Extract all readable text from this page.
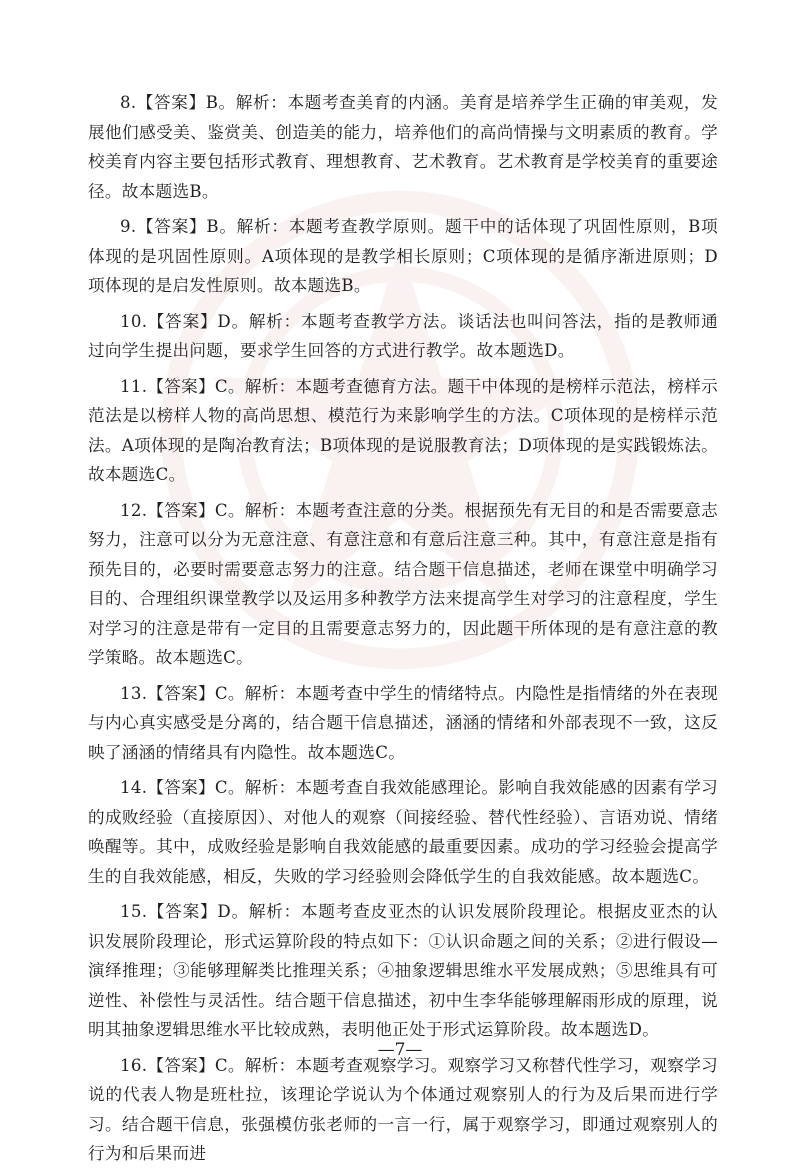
8.【答案】B。解析：本题考查美育的内涵。美育是培养学生正确的审美观，发展他们感受美、鉴赏美、创造美的能力，培养他们的高尚情操与文明素质的教育。学校美育内容主要包括形式教育、理想教育、艺术教育。艺术教育是学校美育的重要途径。故本题选B。

9.【答案】B。解析：本题考查教学原则。题干中的话体现了巩固性原则，B项体现的是巩固性原则。A项体现的是教学相长原则；C项体现的是循序渐进原则；D项体现的是启发性原则。故本题选B。

10.【答案】D。解析：本题考查教学方法。谈话法也叫问答法，指的是教师通过向学生提出问题，要求学生回答的方式进行教学。故本题选D。

11.【答案】C。解析：本题考查德育方法。题干中体现的是榜样示范法，榜样示范法是以榜样人物的高尚思想、模范行为来影响学生的方法。C项体现的是榜样示范法。A项体现的是陶冶教育法；B项体现的是说服教育法；D项体现的是实践锻炼法。故本题选C。

12.【答案】C。解析：本题考查注意的分类。根据预先有无目的和是否需要意志努力，注意可以分为无意注意、有意注意和有意后注意三种。其中，有意注意是指有预先目的，必要时需要意志努力的注意。结合题干信息描述，老师在课堂中明确学习目的、合理组织课堂教学以及运用多种教学方法来提高学生对学习的注意程度，学生对学习的注意是带有一定目的且需要意志努力的，因此题干所体现的是有意注意的教学策略。故本题选C。

13.【答案】C。解析：本题考查中学生的情绪特点。内隐性是指情绪的外在表现与内心真实感受是分离的，结合题干信息描述，涵涵的情绪和外部表现不一致，这反映了涵涵的情绪具有内隐性。故本题选C。

14.【答案】C。解析：本题考查自我效能感理论。影响自我效能感的因素有学习的成败经验（直接原因）、对他人的观察（间接经验、替代性经验）、言语劝说、情绪唤醒等。其中，成败经验是影响自我效能感的最重要因素。成功的学习经验会提高学生的自我效能感，相反，失败的学习经验则会降低学生的自我效能感。故本题选C。

15.【答案】D。解析：本题考查皮亚杰的认识发展阶段理论。根据皮亚杰的认识发展阶段理论，形式运算阶段的特点如下：①认识命题之间的关系；②进行假设—演绎推理；③能够理解类比推理关系；④抽象逻辑思维水平发展成熟；⑤思维具有可逆性、补偿性与灵活性。结合题干信息描述，初中生李华能够理解雨形成的原理，说明其抽象逻辑思维水平比较成熟，表明他正处于形式运算阶段。故本题选D。

16.【答案】C。解析：本题考查观察学习。观察学习又称替代性学习，观察学习说的代表人物是班杜拉，该理论学说认为个体通过观察别人的行为及后果而进行学习。结合题干信息，张强模仿张老师的一言一行，属于观察学习，即通过观察别人的行为和后果而进

—7—
